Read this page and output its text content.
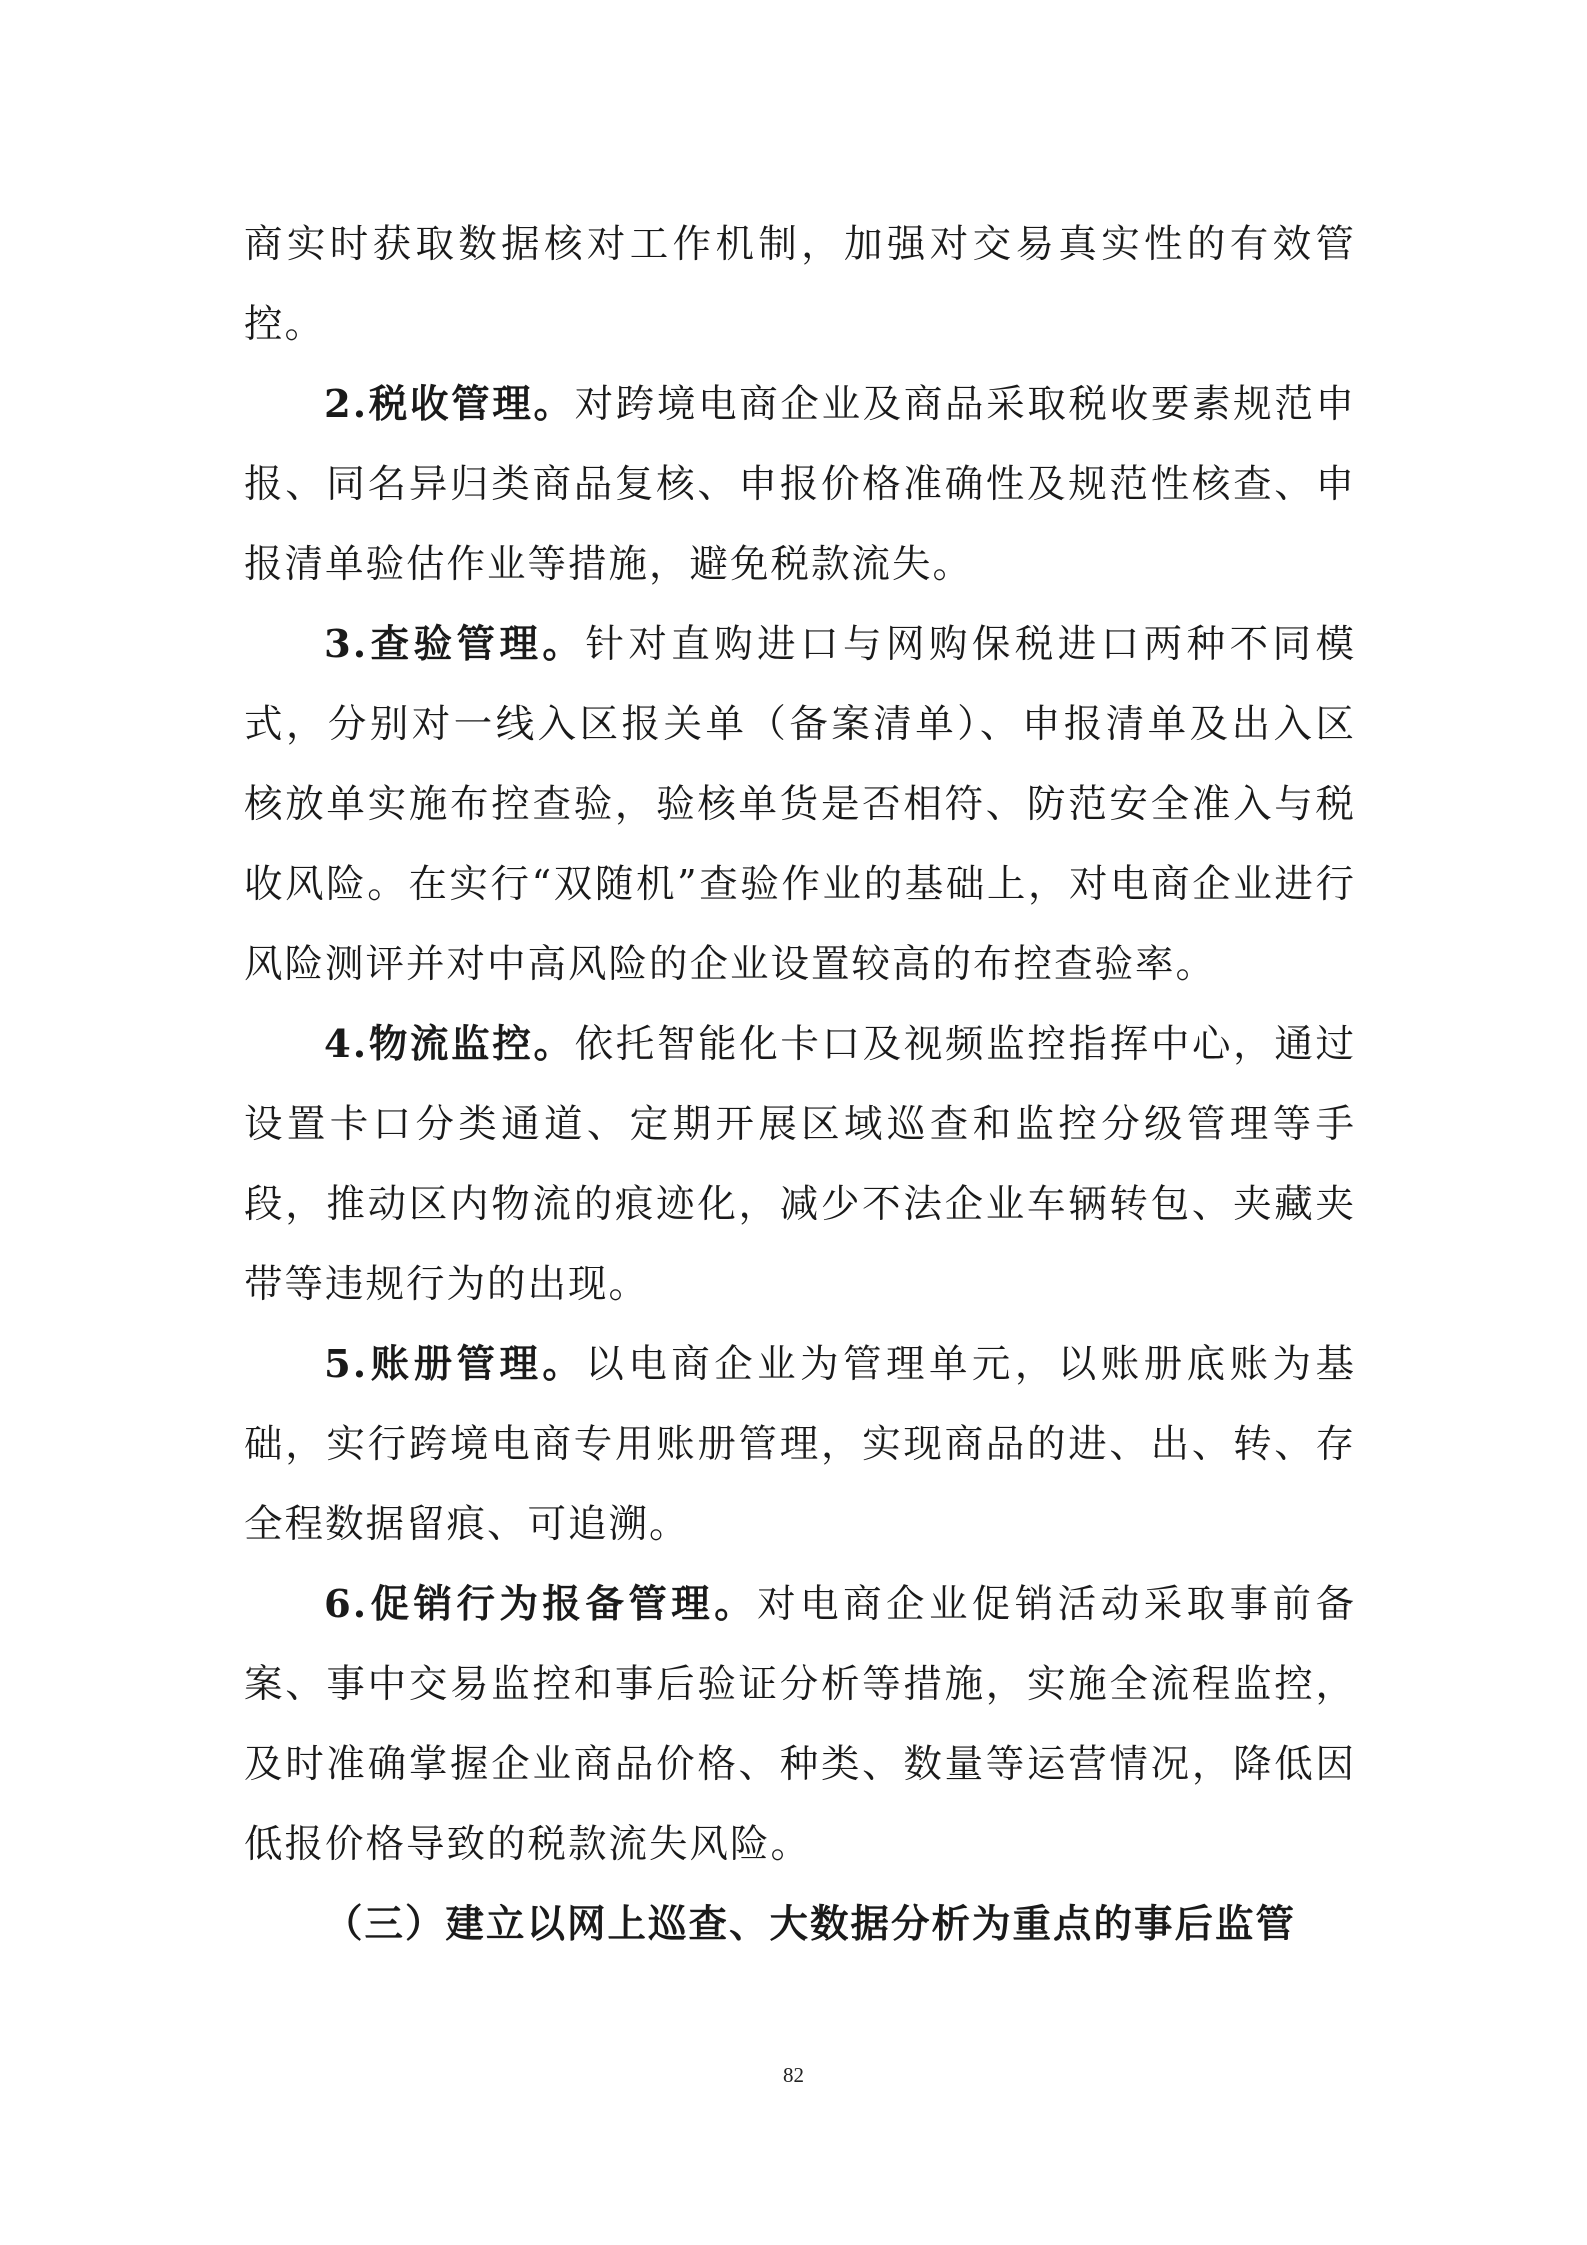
商实时获取数据核对工作机制，加强对交易真实性的有效管控。

2.税收管理。对跨境电商企业及商品采取税收要素规范申报、同名异归类商品复核、申报价格准确性及规范性核查、申报清单验估作业等措施，避免税款流失。

3.查验管理。针对直购进口与网购保税进口两种不同模式，分别对一线入区报关单（备案清单）、申报清单及出入区核放单实施布控查验，验核单货是否相符、防范安全准入与税收风险。在实行“双随机”查验作业的基础上，对电商企业进行风险测评并对中高风险的企业设置较高的布控查验率。

4.物流监控。依托智能化卡口及视频监控指挥中心，通过设置卡口分类通道、定期开展区域巡查和监控分级管理等手段，推动区内物流的痕迹化，减少不法企业车辆转包、夹藏夹带等违规行为的出现。

5.账册管理。以电商企业为管理单元，以账册底账为基础，实行跨境电商专用账册管理，实现商品的进、出、转、存全程数据留痕、可追溯。

6.促销行为报备管理。对电商企业促销活动采取事前备案、事中交易监控和事后验证分析等措施，实施全流程监控，及时准确掌握企业商品价格、种类、数量等运营情况，降低因低报价格导致的税款流失风险。

（三）建立以网上巡查、大数据分析为重点的事后监管

82
